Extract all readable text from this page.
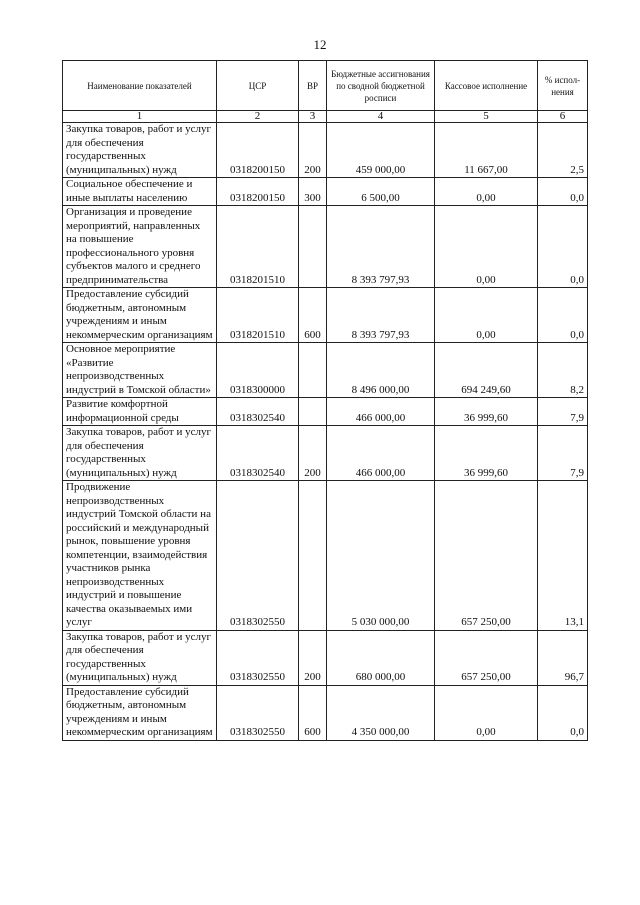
12
Наименование показателей	ЦСР	ВР	Бюджетные ассигнования по сводной бюджетной росписи	Кассовое исполнение	% испол-нения
1	2	3	4	5	6
Закупка товаров, работ и услуг для обеспечения государственных (муниципальных) нужд	0318200150	200	459 000,00	11 667,00	2,5
Социальное обеспечение и иные выплаты населению	0318200150	300	6 500,00	0,00	0,0
Организация и проведение мероприятий, направленных на повышение профессионального уровня субъектов малого и среднего предпринимательства	0318201510		8 393 797,93	0,00	0,0
Предоставление субсидий бюджетным, автономным учреждениям и иным некоммерческим организациям	0318201510	600	8 393 797,93	0,00	0,0
Основное мероприятие «Развитие непроизводственных индустрий в Томской области»	0318300000		8 496 000,00	694 249,60	8,2
Развитие комфортной информационной среды	0318302540		466 000,00	36 999,60	7,9
Закупка товаров, работ и услуг для обеспечения государственных (муниципальных) нужд	0318302540	200	466 000,00	36 999,60	7,9
Продвижение непроизводственных индустрий Томской области на российский и международный рынок, повышение уровня компетенции, взаимодействия участников рынка непроизводственных индустрий и повышение качества оказываемых ими услуг	0318302550		5 030 000,00	657 250,00	13,1
Закупка товаров, работ и услуг для обеспечения государственных (муниципальных) нужд	0318302550	200	680 000,00	657 250,00	96,7
Предоставление субсидий бюджетным, автономным учреждениям и иным некоммерческим организациям	0318302550	600	4 350 000,00	0,00	0,0
